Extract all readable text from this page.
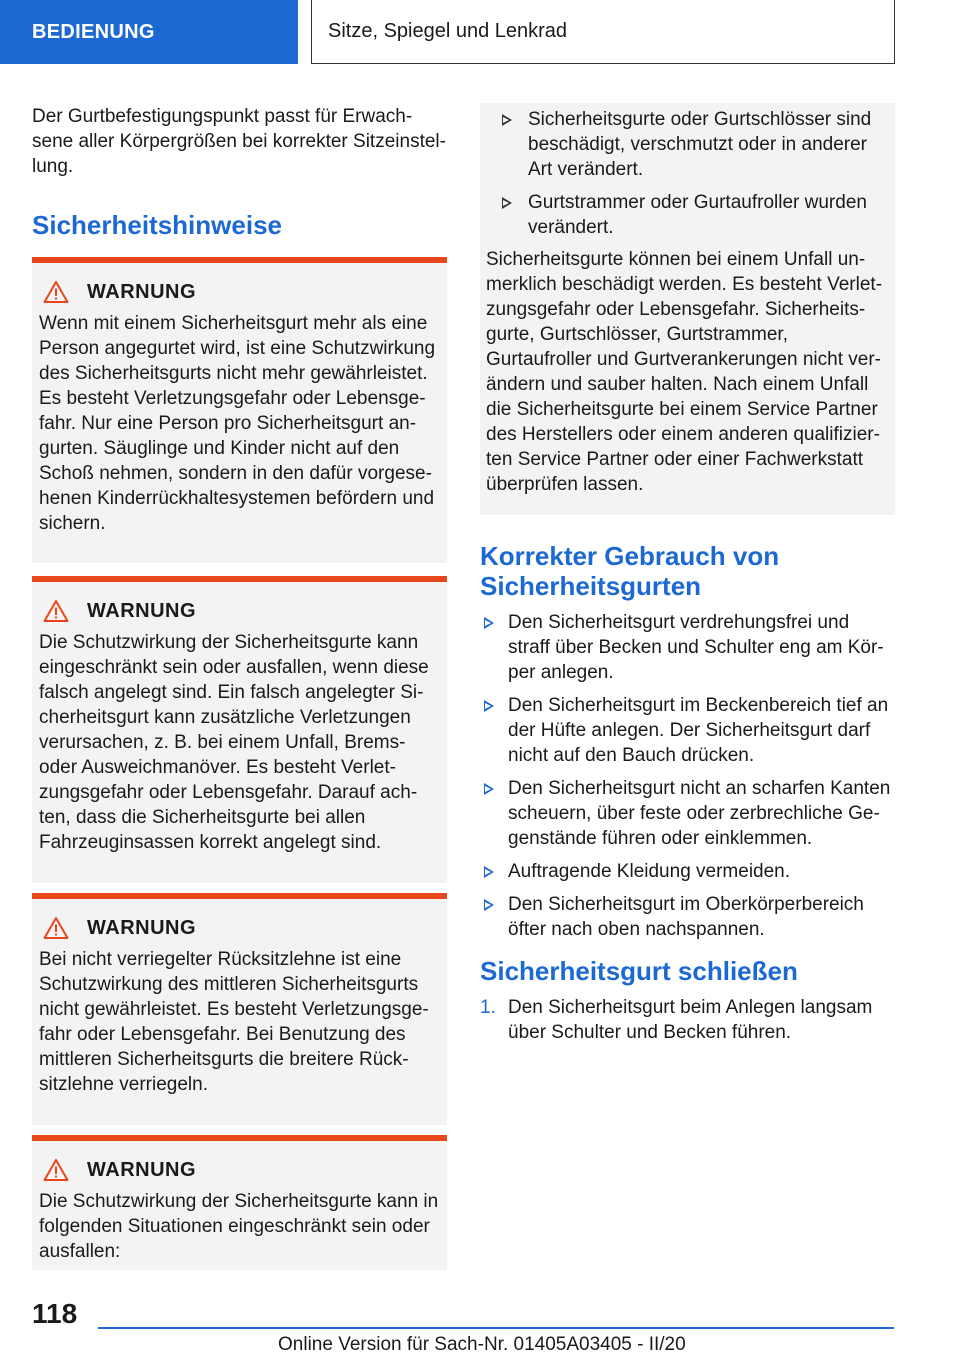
BEDIENUNG	Sitze, Spiegel und Lenkrad

Der Gurtbefestigungspunkt passt für Erwachsene aller Körpergrößen bei korrekter Sitzeinstellung.

Sicherheitshinweise
WARNUNG

Wenn mit einem Sicherheitsgurt mehr als eine Person angegurtet wird, ist eine Schutzwirkung des Sicherheitsgurts nicht mehr gewährleistet. Es besteht Verletzungsgefahr oder Lebensgefahr. Nur eine Person pro Sicherheitsgurt angurten. Säuglinge und Kinder nicht auf den Schoß nehmen, sondern in den dafür vorgesehenen Kinderrückhaltesystemen befördern und sichern.

WARNUNG

Die Schutzwirkung der Sicherheitsgurte kann eingeschränkt sein oder ausfallen, wenn diese falsch angelegt sind. Ein falsch angelegter Sicherheitsgurt kann zusätzliche Verletzungen verursachen, z. B. bei einem Unfall, Brems- oder Ausweichmanöver. Es besteht Verletzungsgefahr oder Lebensgefahr. Darauf achten, dass die Sicherheitsgurte bei allen Fahrzeuginsassen korrekt angelegt sind.

WARNUNG

Bei nicht verriegelter Rücksitzlehne ist eine Schutzwirkung des mittleren Sicherheitsgurts nicht gewährleistet. Es besteht Verletzungsgefahr oder Lebensgefahr. Bei Benutzung des mittleren Sicherheitsgurts die breitere Rücksitzlehne verriegeln.

WARNUNG

Die Schutzwirkung der Sicherheitsgurte kann in folgenden Situationen eingeschränkt sein oder ausfallen:

Sicherheitsgurte oder Gurtschlösser sind beschädigt, verschmutzt oder in anderer Art verändert.
Gurtstrammer oder Gurtaufroller wurden verändert.

Sicherheitsgurte können bei einem Unfall unmerklich beschädigt werden. Es besteht Verletzungsgefahr oder Lebensgefahr. Sicherheitsgurte, Gurtschlösser, Gurtstrammer, Gurtaufroller und Gurtverankerungen nicht verändern und sauber halten. Nach einem Unfall die Sicherheitsgurte bei einem Service Partner des Herstellers oder einem anderen qualifizierten Service Partner oder einer Fachwerkstatt überprüfen lassen.

Korrekter Gebrauch von Sicherheitsgurten
Den Sicherheitsgurt verdrehungsfrei und straff über Becken und Schulter eng am Körper anlegen.
Den Sicherheitsgurt im Beckenbereich tief an der Hüfte anlegen. Der Sicherheitsgurt darf nicht auf den Bauch drücken.
Den Sicherheitsgurt nicht an scharfen Kanten scheuern, über feste oder zerbrechliche Gegenstände führen oder einklemmen.
Auftragende Kleidung vermeiden.
Den Sicherheitsgurt im Oberkörperbereich öfter nach oben nachspannen.
Sicherheitsgurt schließen
1. Den Sicherheitsgurt beim Anlegen langsam über Schulter und Becken führen.
118
Online Version für Sach-Nr. 01405A03405 - II/20
